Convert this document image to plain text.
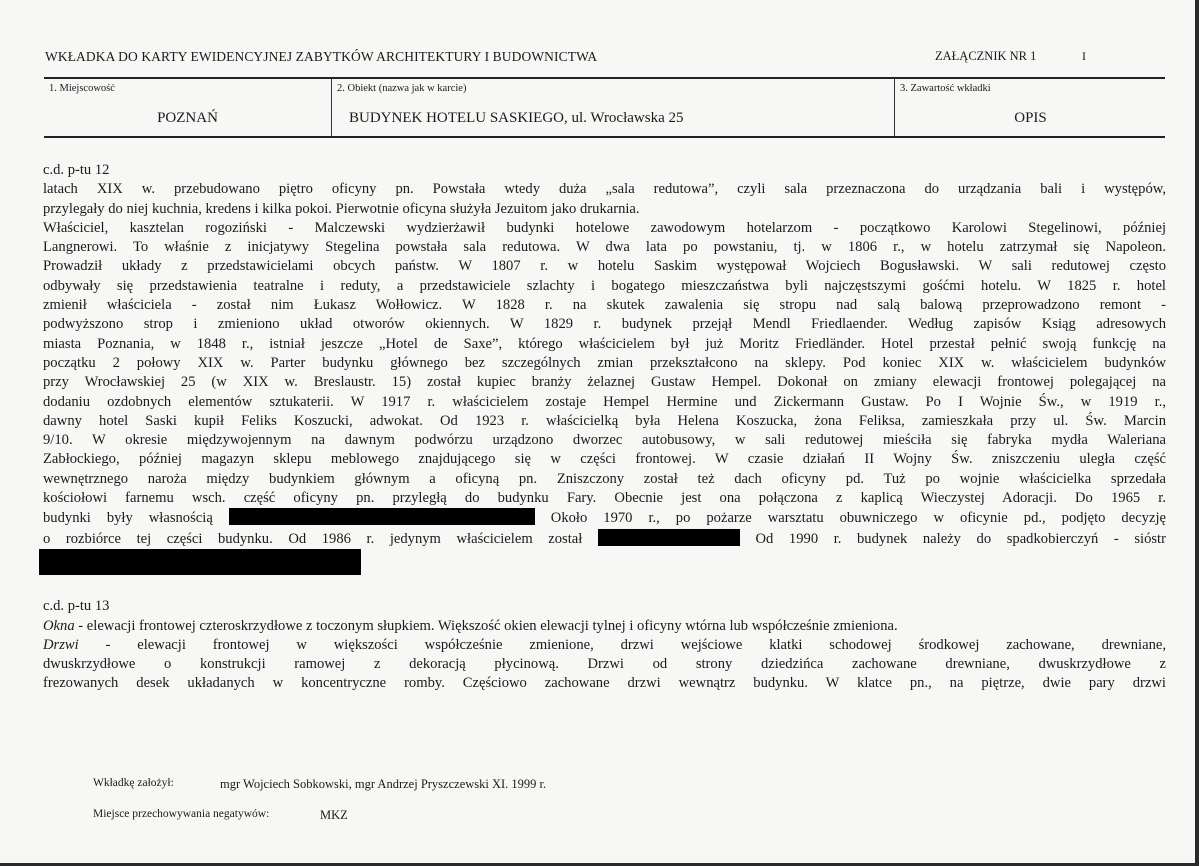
WKŁADKA DO KARTY EWIDENCYJNEJ ZABYTKÓW ARCHITEKTURY I BUDOWNICTWA	ZAŁĄCZNIK NR 1	I
1. Miejscowość
POZNAŃ
2. Obiekt (nazwa jak w karcie)
BUDYNEK HOTELU SASKIEGO, ul. Wrocławska 25
3. Zawartość wkładki
OPIS

c.d. p-tu 12

latach XIX w. przebudowano piętro oficyny pn. Powstała wtedy duża „sala redutowa”, czyli sala przeznaczona do urządzania bali i występów,

przylegały do niej kuchnia, kredens i kilka pokoi. Pierwotnie oficyna służyła Jezuitom jako drukarnia.

Właściciel, kasztelan rogoziński - Malczewski wydzierżawił budynki hotelowe zawodowym hotelarzom - początkowo Karolowi Stegelinowi, później

Langnerowi. To właśnie z inicjatywy Stegelina powstała sala redutowa. W dwa lata po powstaniu, tj. w 1806 r., w hotelu zatrzymał się Napoleon.

Prowadził układy z przedstawicielami obcych państw. W 1807 r. w hotelu Saskim występował Wojciech Bogusławski. W sali redutowej często

odbywały się przedstawienia teatralne i reduty, a przedstawiciele szlachty i bogatego mieszczaństwa byli najczęstszymi gośćmi hotelu. W 1825 r. hotel

zmienił właściciela - został nim Łukasz Wołłowicz. W 1828 r. na skutek zawalenia się stropu nad salą balową przeprowadzono remont -

podwyższono strop i zmieniono układ otworów okiennych. W 1829 r. budynek przejął Mendl Friedlaender. Według zapisów Ksiąg adresowych

miasta Poznania, w 1848 r., istniał jeszcze „Hotel de Saxe”, którego właścicielem był już Moritz Friedländer. Hotel przestał pełnić swoją funkcję na

początku 2 połowy XIX w. Parter budynku głównego bez szczególnych zmian przekształcono na sklepy. Pod koniec XIX w. właścicielem budynków

przy Wrocławskiej 25 (w XIX w. Breslaustr. 15) został kupiec branży żelaznej Gustaw Hempel. Dokonał on zmiany elewacji frontowej polegającej na

dodaniu ozdobnych elementów sztukaterii. W 1917 r. właścicielem zostaje Hempel Hermine und Zickermann Gustaw. Po I Wojnie Św., w 1919 r.,

dawny hotel Saski kupił Feliks Koszucki, adwokat. Od 1923 r. właścicielką była Helena Koszucka, żona Feliksa, zamieszkała przy ul. Św. Marcin

9/10. W okresie międzywojennym na dawnym podwórzu urządzono dworzec autobusowy, w sali redutowej mieściła się fabryka mydła Waleriana

Zabłockiego, później magazyn sklepu meblowego znajdującego się w części frontowej. W czasie działań II Wojny Św. zniszczeniu uległa część

wewnętrznego naroża między budynkiem głównym a oficyną pn. Zniszczony został też dach oficyny pd. Tuż po wojnie właścicielka sprzedała

kościołowi farnemu wsch. część oficyny pn. przyległą do budynku Fary. Obecnie jest ona połączona z kaplicą Wieczystej Adoracji. Do 1965 r.

budynki były własnością	Około 1970 r., po pożarze warsztatu obuwniczego w oficynie pd., podjęto decyzję

o rozbiórce tej części budynku. Od 1986 r. jedynym właścicielem został	Od 1990 r. budynek należy do spadkobierczyń - sióstr

c.d. p-tu 13

Okna - elewacji frontowej czteroskrzydłowe z toczonym słupkiem. Większość okien elewacji tylnej i oficyny wtórna lub współcześnie zmieniona.

Drzwi - elewacji frontowej w większości współcześnie zmienione, drzwi wejściowe klatki schodowej środkowej zachowane, drewniane,

dwuskrzydłowe o konstrukcji ramowej z dekoracją płycinową. Drzwi od strony dziedzińca zachowane drewniane, dwuskrzydłowe z

frezowanych desek układanych w koncentryczne romby. Częściowo zachowane drzwi wewnątrz budynku. W klatce pn., na piętrze, dwie pary drzwi

Wkładkę założył:	mgr Wojciech Sobkowski, mgr Andrzej Pryszczewski XI. 1999 r.
Miejsce przechowywania negatywów:	MKZ
